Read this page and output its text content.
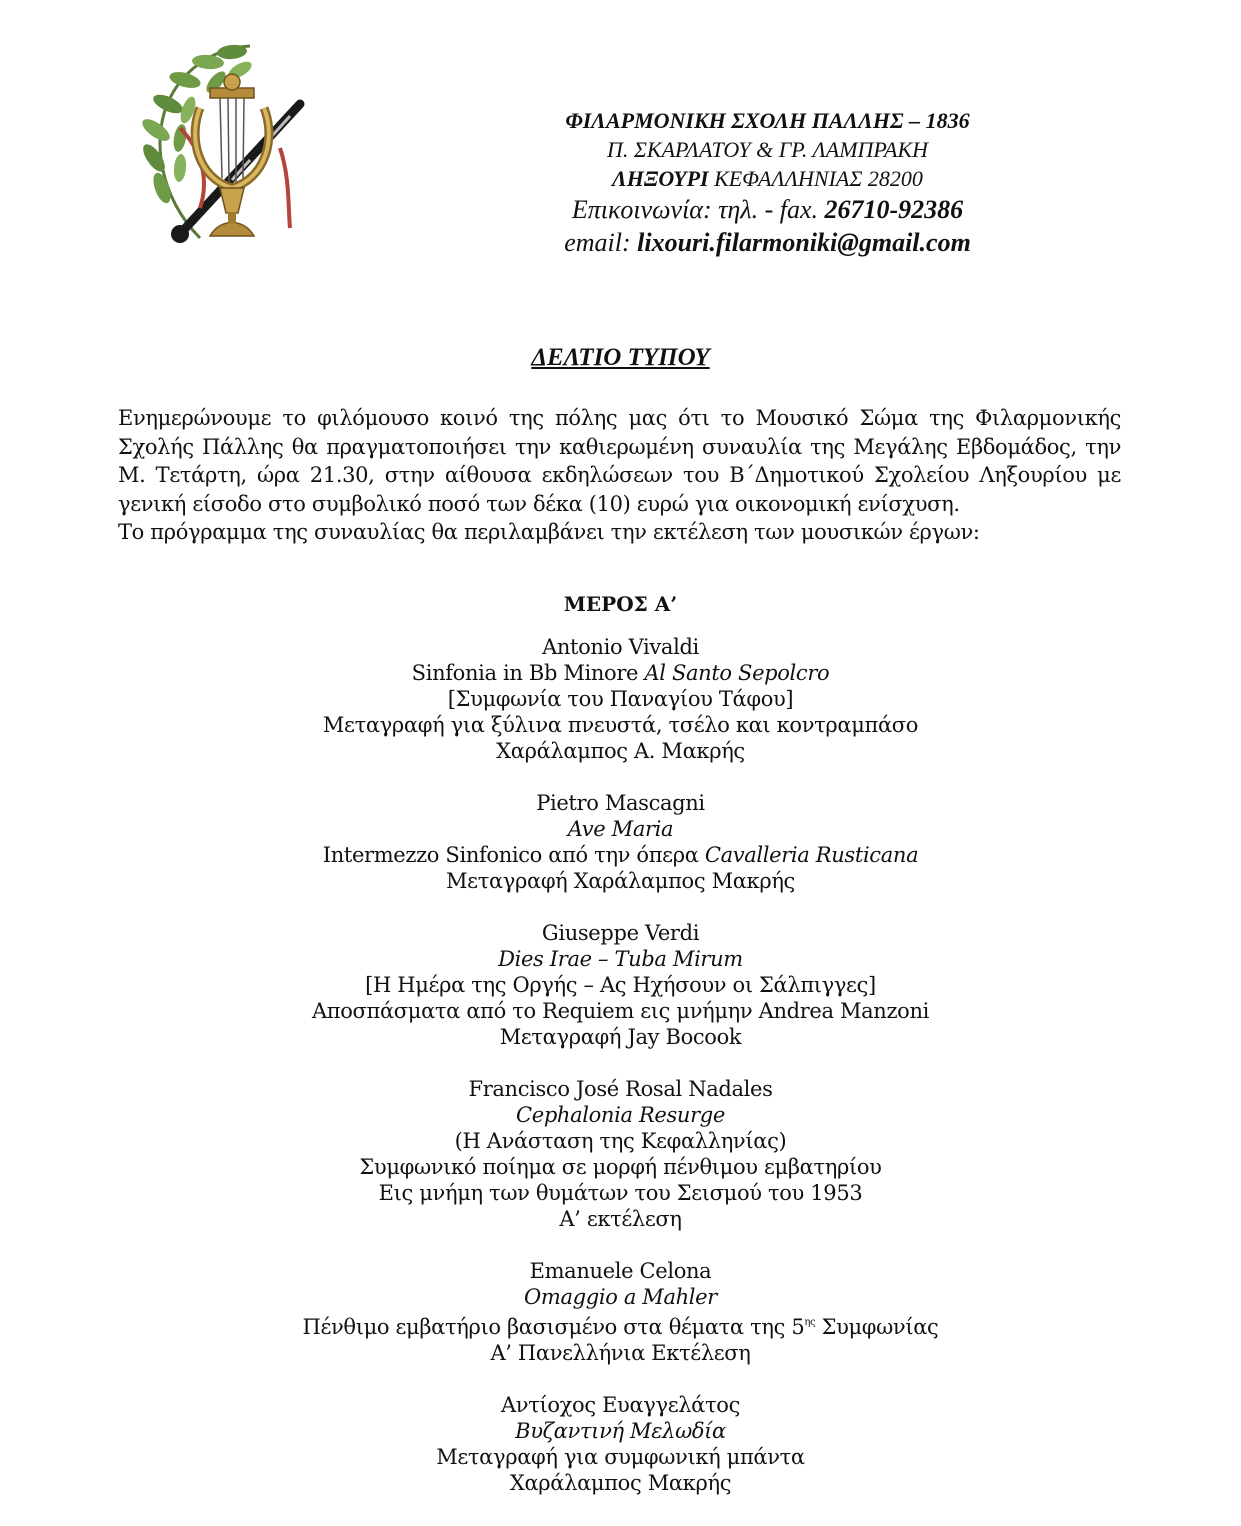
ΦΙΛΑΡΜΟΝΙΚΗ ΣΧΟΛΗ ΠΑΛΛΗΣ – 1836
Π. ΣΚΑΡΛΑΤΟΥ & ΓΡ. ΛΑΜΠΡΑΚΗ
ΛΗΞΟΥΡΙ ΚΕΦΑΛΛΗΝΙΑΣ 28200
Επικοινωνία: τηλ. - fax. 26710-92386
email: lixouri.filarmoniki@gmail.com
ΔΕΛΤΙΟ ΤΥΠΟΥ

Ενημερώνουμε το φιλόμουσο κοινό της πόλης μας ότι το Μουσικό Σώμα της Φιλαρμονικής Σχολής Πάλλης θα πραγματοποιήσει την καθιερωμένη συναυλία της Μεγάλης Εβδομάδος, την Μ. Τετάρτη, ώρα 21.30, στην αίθουσα εκδηλώσεων του Β΄Δημοτικού Σχολείου Ληξουρίου με γενική είσοδο στο συμβολικό ποσό των δέκα (10) ευρώ για οικονομική ενίσχυση.

Το πρόγραμμα της συναυλίας θα περιλαμβάνει την εκτέλεση των μουσικών έργων:

ΜΕΡΟΣ Α’
Antonio Vivaldi
Sinfonia in Bb Minore Al Santo Sepolcro
[Συμφωνία του Παναγίου Τάφου]
Μεταγραφή για ξύλινα πνευστά, τσέλο και κοντραμπάσο
Χαράλαμπος Α. Μακρής
Pietro Mascagni
Ave Maria
Intermezzo Sinfonico από την όπερα Cavalleria Rusticana
Μεταγραφή Χαράλαμπος Μακρής
Giuseppe Verdi
Dies Irae – Tuba Mirum
[Η Ημέρα της Οργής – Ας Ηχήσουν οι Σάλπιγγες]
Αποσπάσματα από το Requiem εις μνήμην Andrea Manzoni
Μεταγραφή Jay Bocook
Francisco José Rosal Nadales
Cephalonia Resurge
(Η Ανάσταση της Κεφαλληνίας)
Συμφωνικό ποίημα σε μορφή πένθιμου εμβατηρίου
Εις μνήμη των θυμάτων του Σεισμού του 1953
Α’ εκτέλεση
Emanuele Celona
Omaggio a Mahler
Πένθιμο εμβατήριο βασισμένο στα θέματα της $5^{\eta\varsigma}$ Συμφωνίας
Α’ Πανελλήνια Εκτέλεση
Αντίοχος Ευαγγελάτος
Βυζαντινή Μελωδία
Μεταγραφή για συμφωνική μπάντα
Χαράλαμπος Μακρής
